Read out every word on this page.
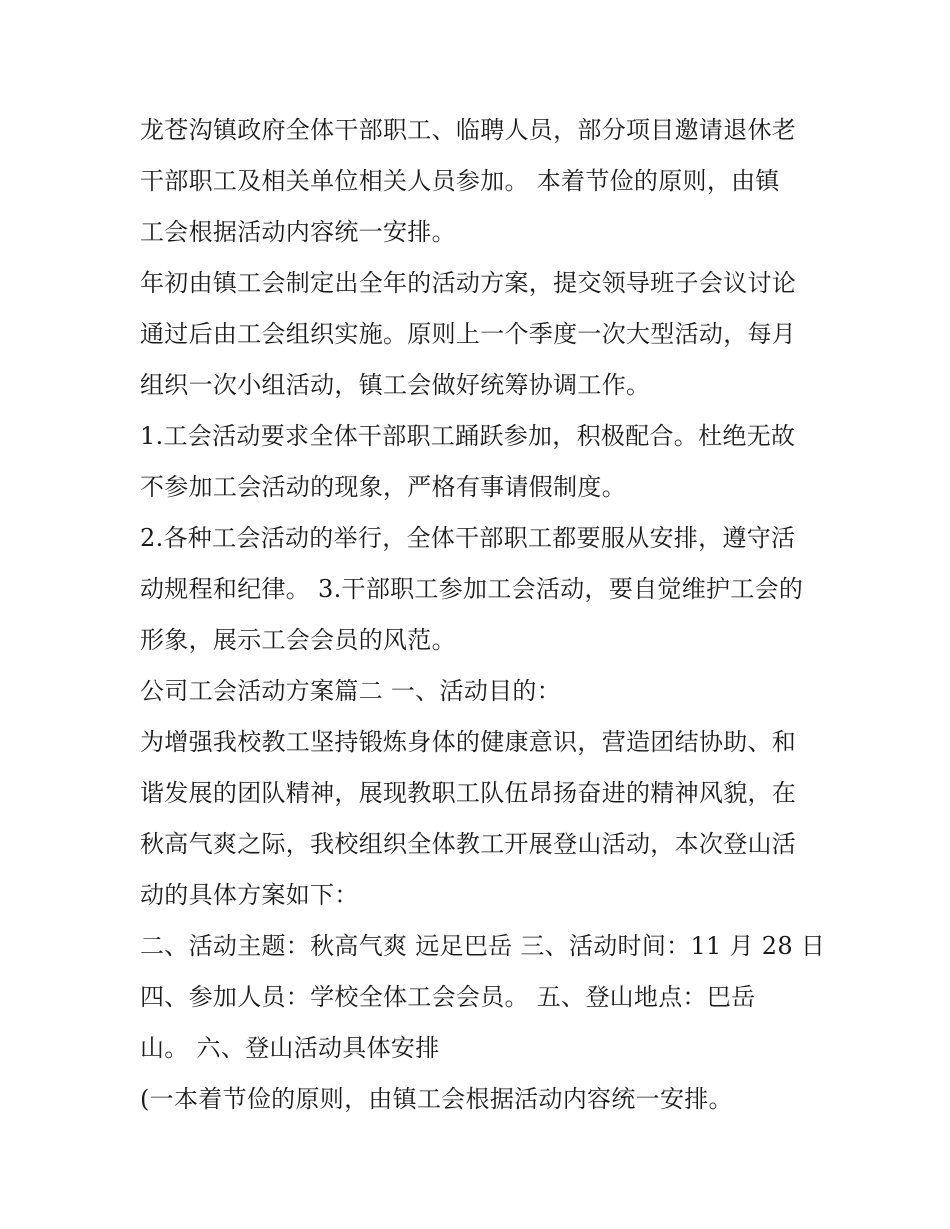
龙苍沟镇政府全体干部职工、临聘人员，部分项目邀请退休老
干部职工及相关单位相关人员参加。 本着节俭的原则，由镇
工会根据活动内容统一安排。
年初由镇工会制定出全年的活动方案，提交领导班子会议讨论
通过后由工会组织实施。原则上一个季度一次大型活动，每月
组织一次小组活动，镇工会做好统筹协调工作。
1.工会活动要求全体干部职工踊跃参加，积极配合。杜绝无故
不参加工会活动的现象，严格有事请假制度。
2.各种工会活动的举行，全体干部职工都要服从安排，遵守活
动规程和纪律。 3.干部职工参加工会活动，要自觉维护工会的
形象，展示工会会员的风范。
公司工会活动方案篇二 一、活动目的：
为增强我校教工坚持锻炼身体的健康意识，营造团结协助、和
谐发展的团队精神，展现教职工队伍昂扬奋进的精神风貌，在
秋高气爽之际，我校组织全体教工开展登山活动，本次登山活
动的具体方案如下：
二、活动主题：秋高气爽 远足巴岳 三、活动时间：11 月 28 日
四、参加人员：学校全体工会会员。 五、登山地点：巴岳
山。 六、登山活动具体安排
(一本着节俭的原则，由镇工会根据活动内容统一安排。
